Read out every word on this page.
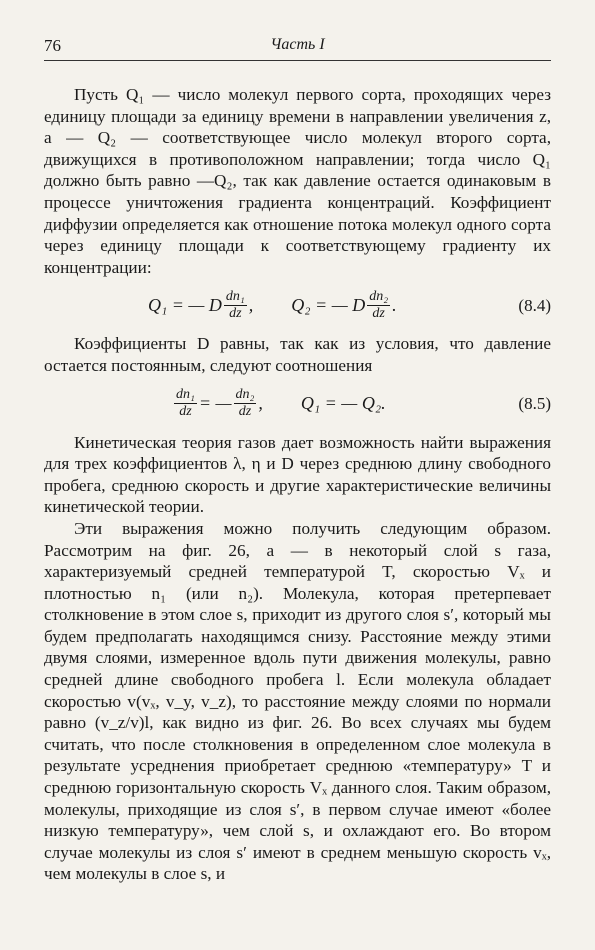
76	Часть I

Пусть Q₁ — число молекул первого сорта, проходящих через единицу площади за единицу времени в направлении увеличения z, а — Q₂ — соответствующее число молекул второго сорта, движущихся в противоположном направлении; тогда число Q₁ должно быть равно —Q₂, так как давление остается одинаковым в процессе уничтожения градиента концентраций. Коэффициент диффузии определяется как отношение потока молекул одного сорта через единицу площади к соответствующему градиенту их концентрации:

Q₁ = — D $\frac{\text{dn₁}}{dz}$ , Q₂ = — D $\frac{\text{dn₂}}{dz}$ .	(8.4)

Коэффициенты D равны, так как из условия, что давление остается постоянным, следуют соотношения

$\frac{\text{dn₁}}{dz}$ = — $\frac{\text{dn₂}}{dz}$ , Q₁ = — Q₂.	(8.5)

Кинетическая теория газов дает возможность найти выражения для трех коэффициентов λ, η и D через среднюю длину свободного пробега, среднюю скорость и другие характеристические величины кинетической теории.

Эти выражения можно получить следующим образом. Рассмотрим на фиг. 26, а — в некоторый слой s газа, характеризуемый средней температурой T, скоростью Vₓ и плотностью n₁ (или n₂). Молекула, которая претерпевает столкновение в этом слое s, приходит из другого слоя s′, который мы будем предполагать находящимся снизу. Расстояние между этими двумя слоями, измеренное вдоль пути движения молекулы, равно средней длине свободного пробега l. Если молекула обладает скоростью v(vₓ, v_y, v_z), то расстояние между слоями по нормали равно (v_z/v)l, как видно из фиг. 26. Во всех случаях мы будем считать, что после столкновения в определенном слое молекула в результате усреднения приобретает среднюю «температуру» T и среднюю горизонтальную скорость Vₓ данного слоя. Таким образом, молекулы, приходящие из слоя s′, в первом случае имеют «более низкую температуру», чем слой s, и охлаждают его. Во втором случае молекулы из слоя s′ имеют в среднем меньшую скорость vₓ, чем молекулы в слое s, и
